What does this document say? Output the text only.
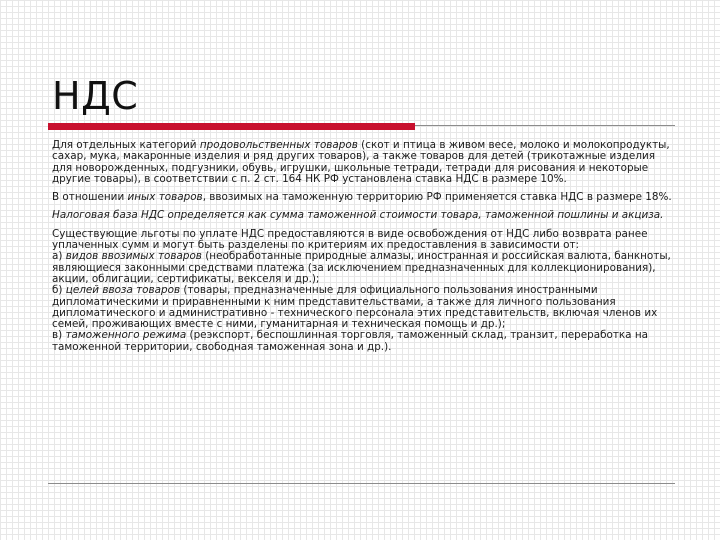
НДС

Для отдельных категорий продовольственных товаров (скот и птица в живом весе, молоко и молокопродукты, сахар, мука, макаронные изделия и ряд других товаров), а также товаров для детей (трикотажные изделия для новорожденных, подгузники, обувь, игрушки, школьные тетради, тетради для рисования и некоторые другие товары), в соответствии с п. 2 ст. 164 НК РФ установлена ставка НДС в размере 10%.

В отношении иных товаров, ввозимых на таможенную территорию РФ применяется ставка НДС в размере 18%.

Налоговая база НДС определяется как сумма таможенной стоимости товара, таможенной пошлины и акциза.

Существующие льготы по уплате НДС предоставляются в виде освобождения от НДС либо возврата ранее уплаченных сумм и могут быть разделены по критериям их предоставления в зависимости от:
а) видов ввозимых товаров (необработанные природные алмазы, иностранная и российская валюта, банкноты, являющиеся законными средствами платежа (за исключением предназначенных для коллекционирования), акции, облигации, сертификаты, векселя и др.);
б) целей ввоза товаров (товары, предназначенные для официального пользования иностранными дипломатическими и приравненными к ним представительствами, а также для личного пользования дипломатического и административно - технического персонала этих представительств, включая членов их семей, проживающих вместе с ними, гуманитарная и техническая помощь и др.);
в) таможенного режима (реэкспорт, беспошлинная торговля, таможенный склад, транзит, переработка на таможенной территории, свободная таможенная зона и др.).
